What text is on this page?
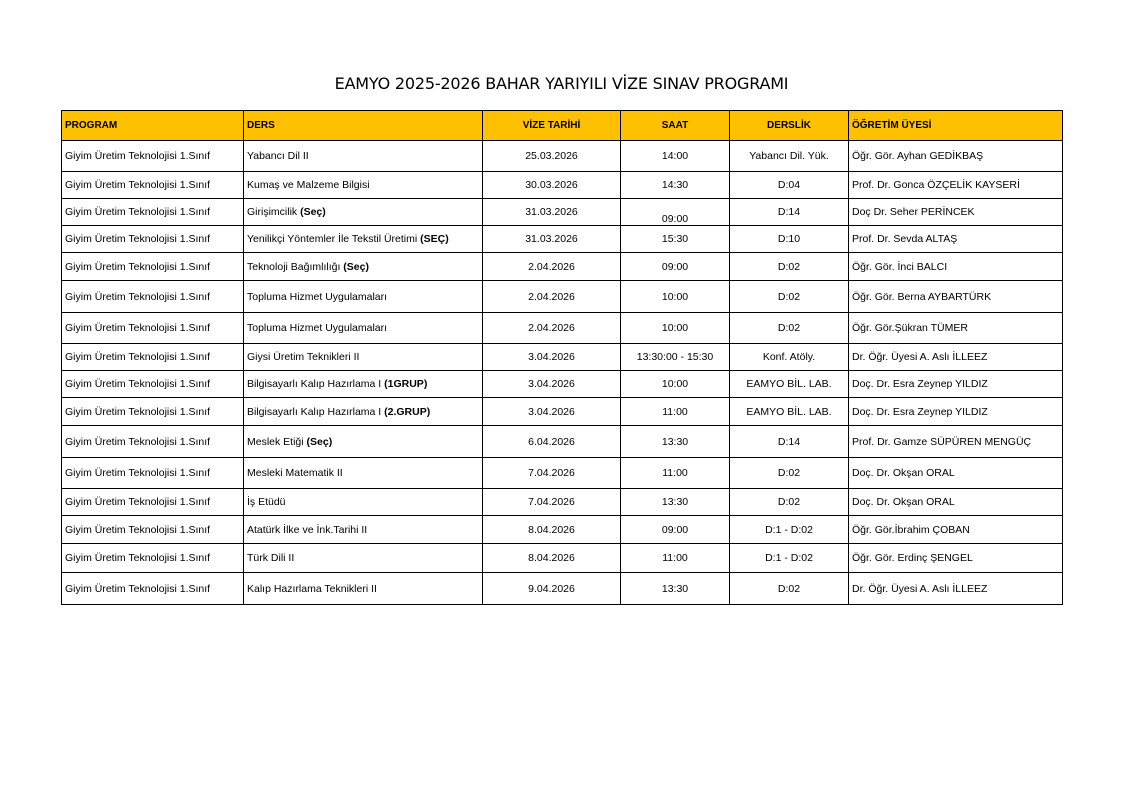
EAMYO 2025-2026 BAHAR YARIYILI VİZE SINAV PROGRAMI
PROGRAM	DERS	VİZE TARİHİ	SAAT	DERSLİK	ÖĞRETİM ÜYESİ
Giyim Üretim Teknolojisi 1.Sınıf	Yabancı Dil II	25.03.2026	14:00	Yabancı Dil. Yük.	Öğr. Gör. Ayhan GEDİKBAŞ
Giyim Üretim Teknolojisi 1.Sınıf	Kumaş ve Malzeme Bilgisi	30.03.2026	14:30	D:04	Prof. Dr. Gonca ÖZÇELİK KAYSERİ
Giyim Üretim Teknolojisi 1.Sınıf	Girişimcilik (Seç)	31.03.2026	09:00	D:14	Doç Dr. Seher PERİNCEK
Giyim Üretim Teknolojisi 1.Sınıf	Yenilikçi Yöntemler İle Tekstil Üretimi (SEÇ)	31.03.2026	15:30	D:10	Prof. Dr. Sevda ALTAŞ
Giyim Üretim Teknolojisi 1.Sınıf	Teknoloji Bağımlılığı (Seç)	2.04.2026	09:00	D:02	Öğr. Gör. İnci BALCI
Giyim Üretim Teknolojisi 1.Sınıf	Topluma Hizmet Uygulamaları	2.04.2026	10:00	D:02	Öğr. Gör. Berna AYBARTÜRK
Giyim Üretim Teknolojisi 1.Sınıf	Topluma Hizmet Uygulamaları	2.04.2026	10:00	D:02	Öğr. Gör.Şükran TÜMER
Giyim Üretim Teknolojisi 1.Sınıf	Giysi Üretim Teknikleri II	3.04.2026	13:30:00 - 15:30	Konf. Atöly.	Dr. Öğr. Üyesi A. Aslı İLLEEZ
Giyim Üretim Teknolojisi 1.Sınıf	Bilgisayarlı Kalıp Hazırlama I (1GRUP)	3.04.2026	10:00	EAMYO BİL. LAB.	Doç. Dr. Esra Zeynep YILDIZ
Giyim Üretim Teknolojisi 1.Sınıf	Bilgisayarlı Kalıp Hazırlama I (2.GRUP)	3.04.2026	11:00	EAMYO BİL. LAB.	Doç. Dr. Esra Zeynep YILDIZ
Giyim Üretim Teknolojisi 1.Sınıf	Meslek Etiği (Seç)	6.04.2026	13:30	D:14	Prof. Dr. Gamze SÜPÜREN MENGÜÇ
Giyim Üretim Teknolojisi 1.Sınıf	Mesleki Matematik II	7.04.2026	11:00	D:02	Doç. Dr. Okşan ORAL
Giyim Üretim Teknolojisi 1.Sınıf	İş Etüdü	7.04.2026	13:30	D:02	Doç. Dr. Okşan ORAL
Giyim Üretim Teknolojisi 1.Sınıf	Atatürk İlke ve İnk.Tarihi II	8.04.2026	09:00	D:1 - D:02	Öğr. Gör.İbrahim ÇOBAN
Giyim Üretim Teknolojisi 1.Sınıf	Türk Dili II	8.04.2026	11:00	D:1 - D:02	Öğr. Gör. Erdinç ŞENGEL
Giyim Üretim Teknolojisi 1.Sınıf	Kalıp Hazırlama Teknikleri II	9.04.2026	13:30	D:02	Dr. Öğr. Üyesi A. Aslı İLLEEZ
